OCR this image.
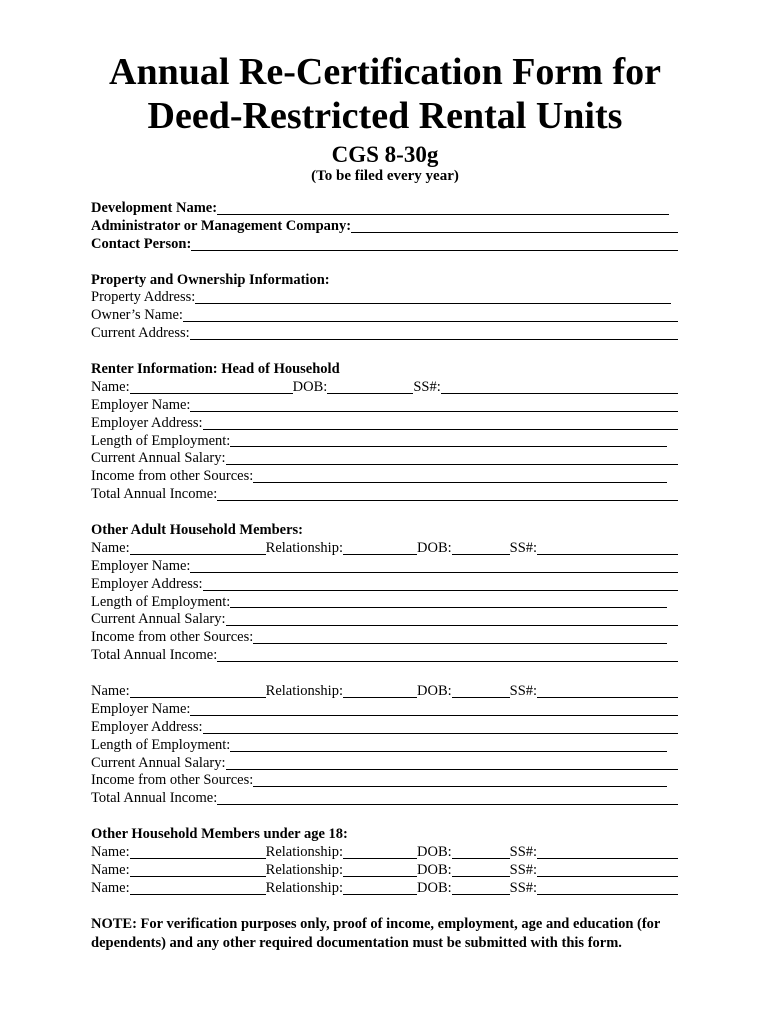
Annual Re-Certification Form for
Deed-Restricted Rental Units
CGS 8-30g
(To be filed every year)
Development Name:
Administrator or Management Company:
Contact Person:
Property and Ownership Information:
Property Address:
Owner’s Name:
Current Address:
Renter Information: Head of Household
Name:	DOB:	SS#:
Employer Name:
Employer Address:
Length of Employment:
Current Annual Salary:
Income from other Sources:
Total Annual Income:
Other Adult Household Members:
Name:	Relationship:	DOB:	SS#:
Employer Name:
Employer Address:
Length of Employment:
Current Annual Salary:
Income from other Sources:
Total Annual Income:
Name:	Relationship:	DOB:	SS#:
Employer Name:
Employer Address:
Length of Employment:
Current Annual Salary:
Income from other Sources:
Total Annual Income:
Other Household Members under age 18:
Name:	Relationship:	DOB:	SS#:
Name:	Relationship:	DOB:	SS#:
Name:	Relationship:	DOB:	SS#:
NOTE: For verification purposes only, proof of income, employment, age and education (for dependents) and any other required documentation must be submitted with this form.
